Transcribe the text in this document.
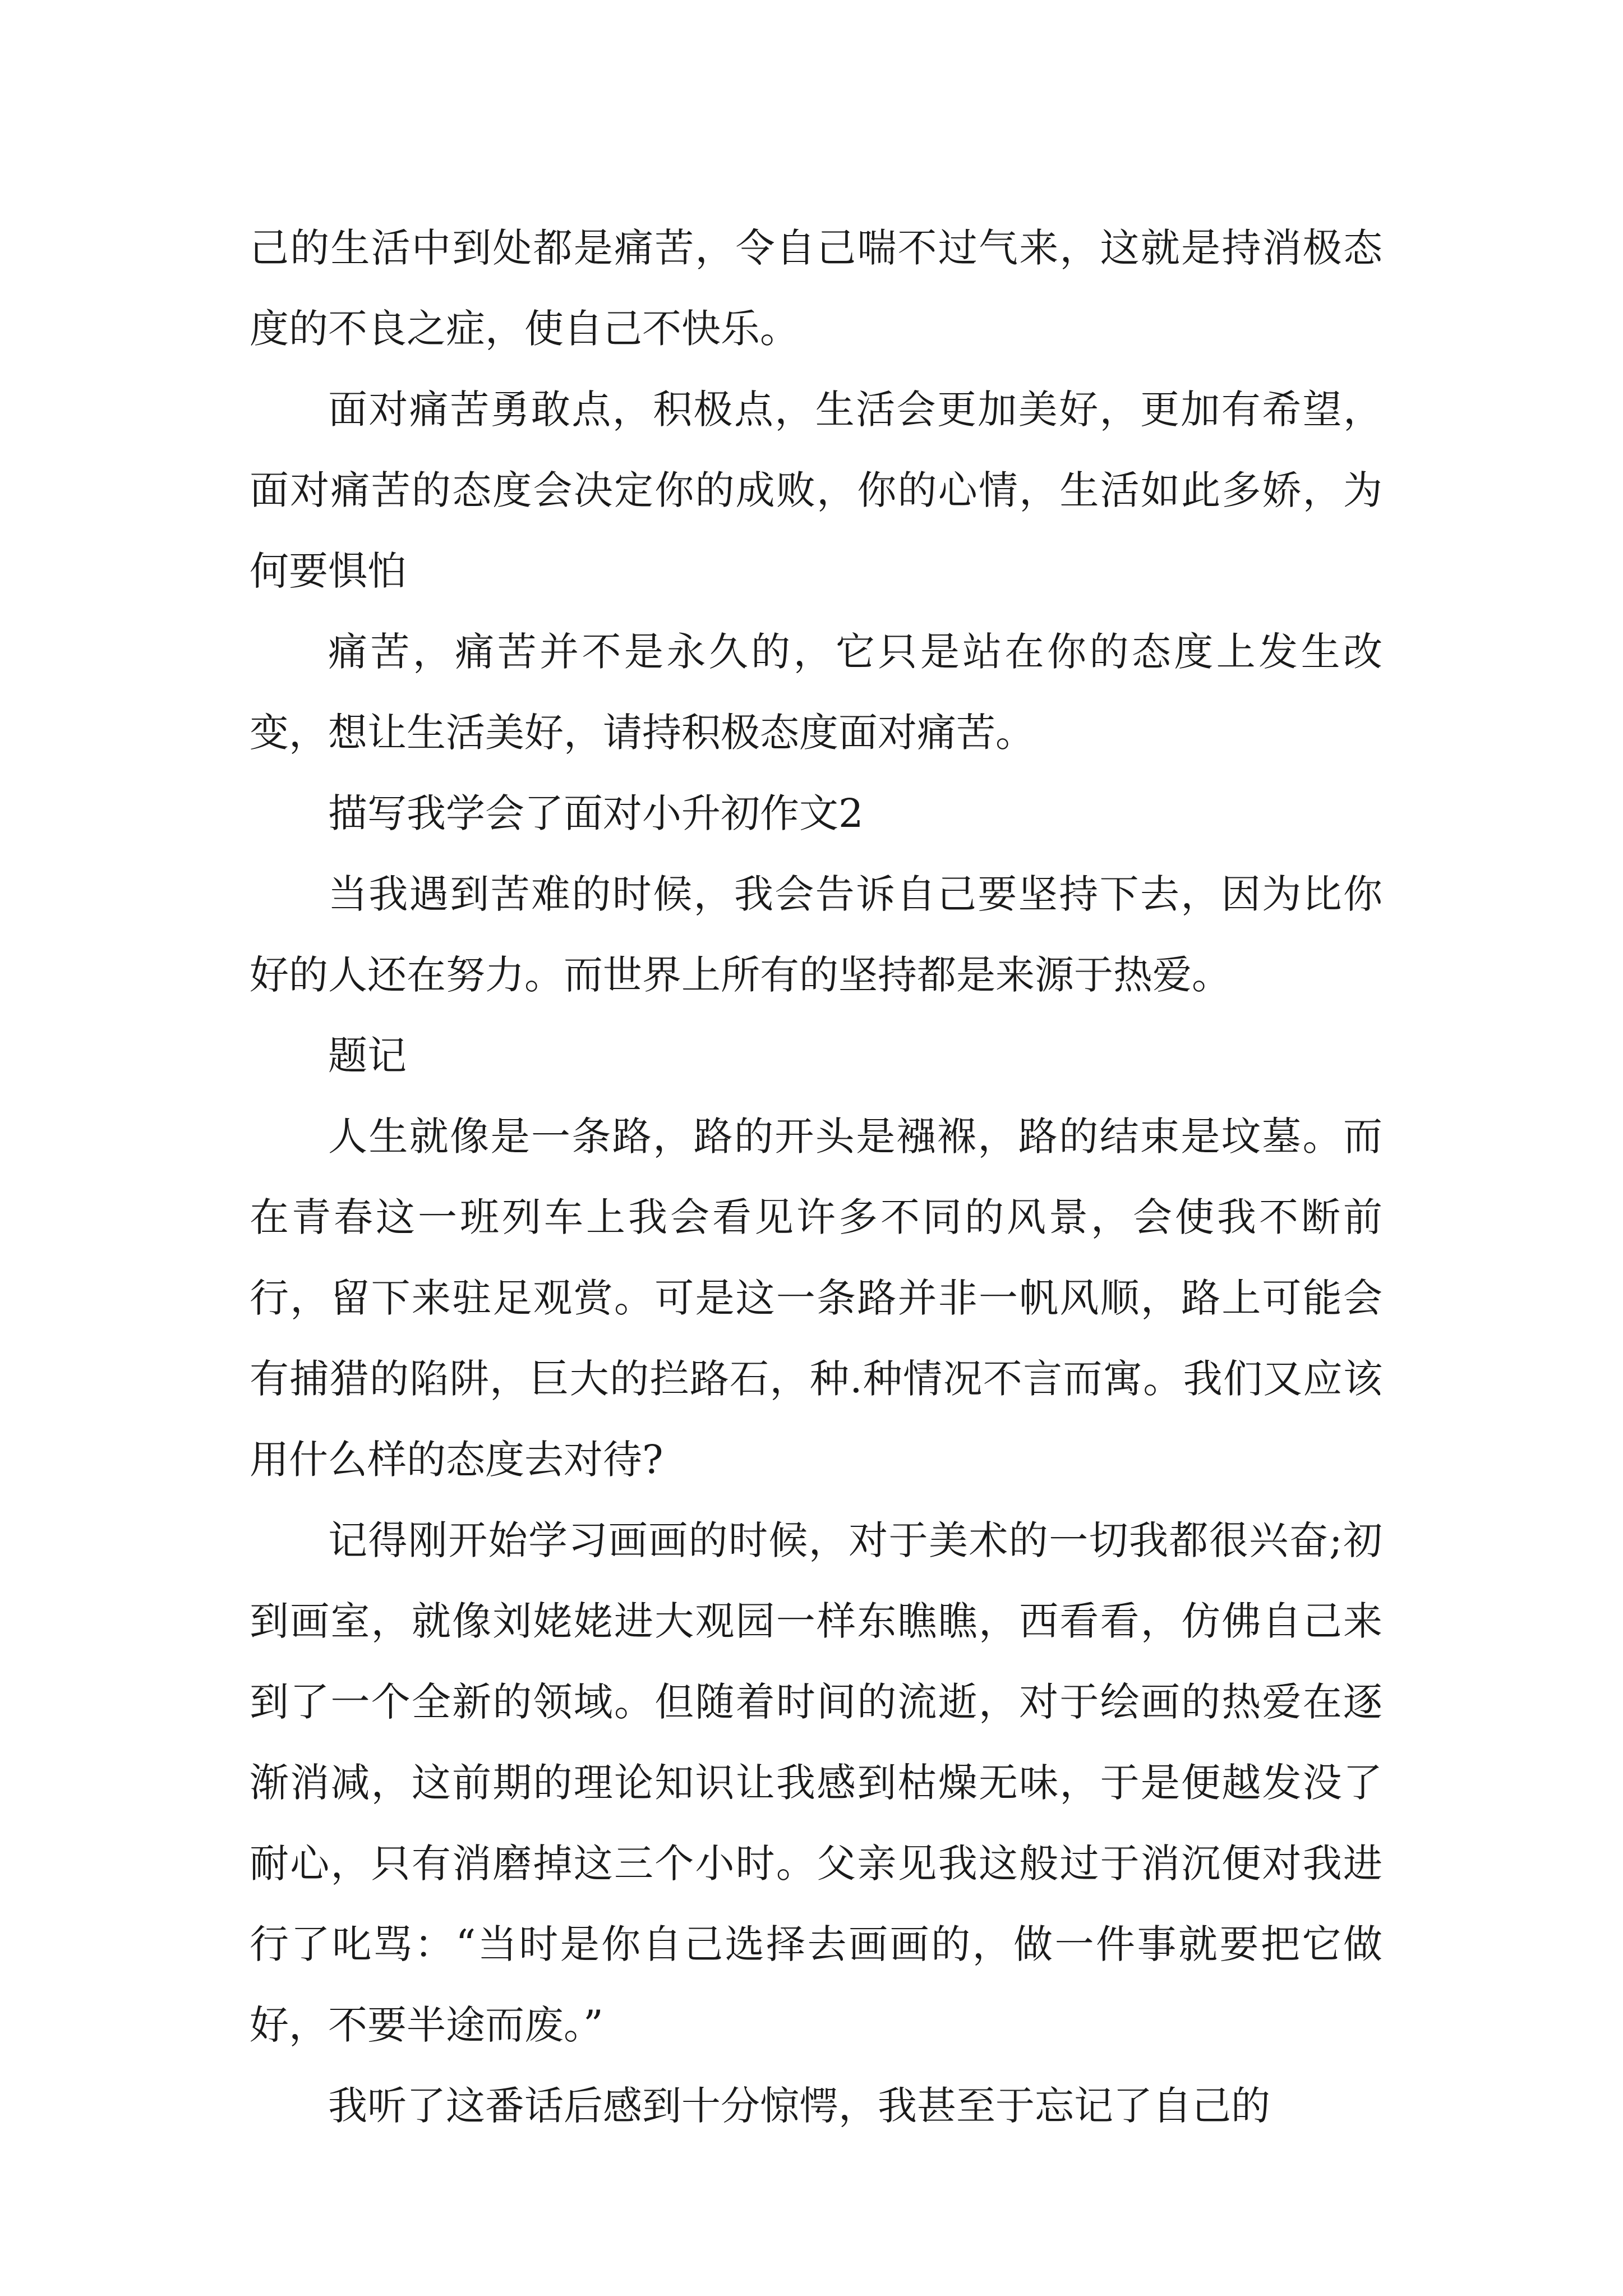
己的生活中到处都是痛苦，令自己喘不过气来，这就是持消极态度的不良之症，使自己不快乐。

面对痛苦勇敢点，积极点，生活会更加美好，更加有希望，面对痛苦的态度会决定你的成败，你的心情，生活如此多娇，为何要惧怕

痛苦，痛苦并不是永久的，它只是站在你的态度上发生改变，想让生活美好，请持积极态度面对痛苦。

描写我学会了面对小升初作文2

当我遇到苦难的时候，我会告诉自己要坚持下去，因为比你好的人还在努力。而世界上所有的坚持都是来源于热爱。

题记

人生就像是一条路，路的开头是襁褓，路的结束是坟墓。而在青春这一班列车上我会看见许多不同的风景，会使我不断前行，留下来驻足观赏。可是这一条路并非一帆风顺，路上可能会有捕猎的陷阱，巨大的拦路石，种.种情况不言而寓。我们又应该用什么样的态度去对待?

记得刚开始学习画画的时候，对于美术的一切我都很兴奋;初到画室，就像刘姥姥进大观园一样东瞧瞧，西看看，仿佛自己来到了一个全新的领域。但随着时间的流逝，对于绘画的热爱在逐渐消减，这前期的理论知识让我感到枯燥无味，于是便越发没了耐心，只有消磨掉这三个小时。父亲见我这般过于消沉便对我进行了叱骂：“当时是你自己选择去画画的，做一件事就要把它做好，不要半途而废。”

我听了这番话后感到十分惊愕，我甚至于忘记了自己的
